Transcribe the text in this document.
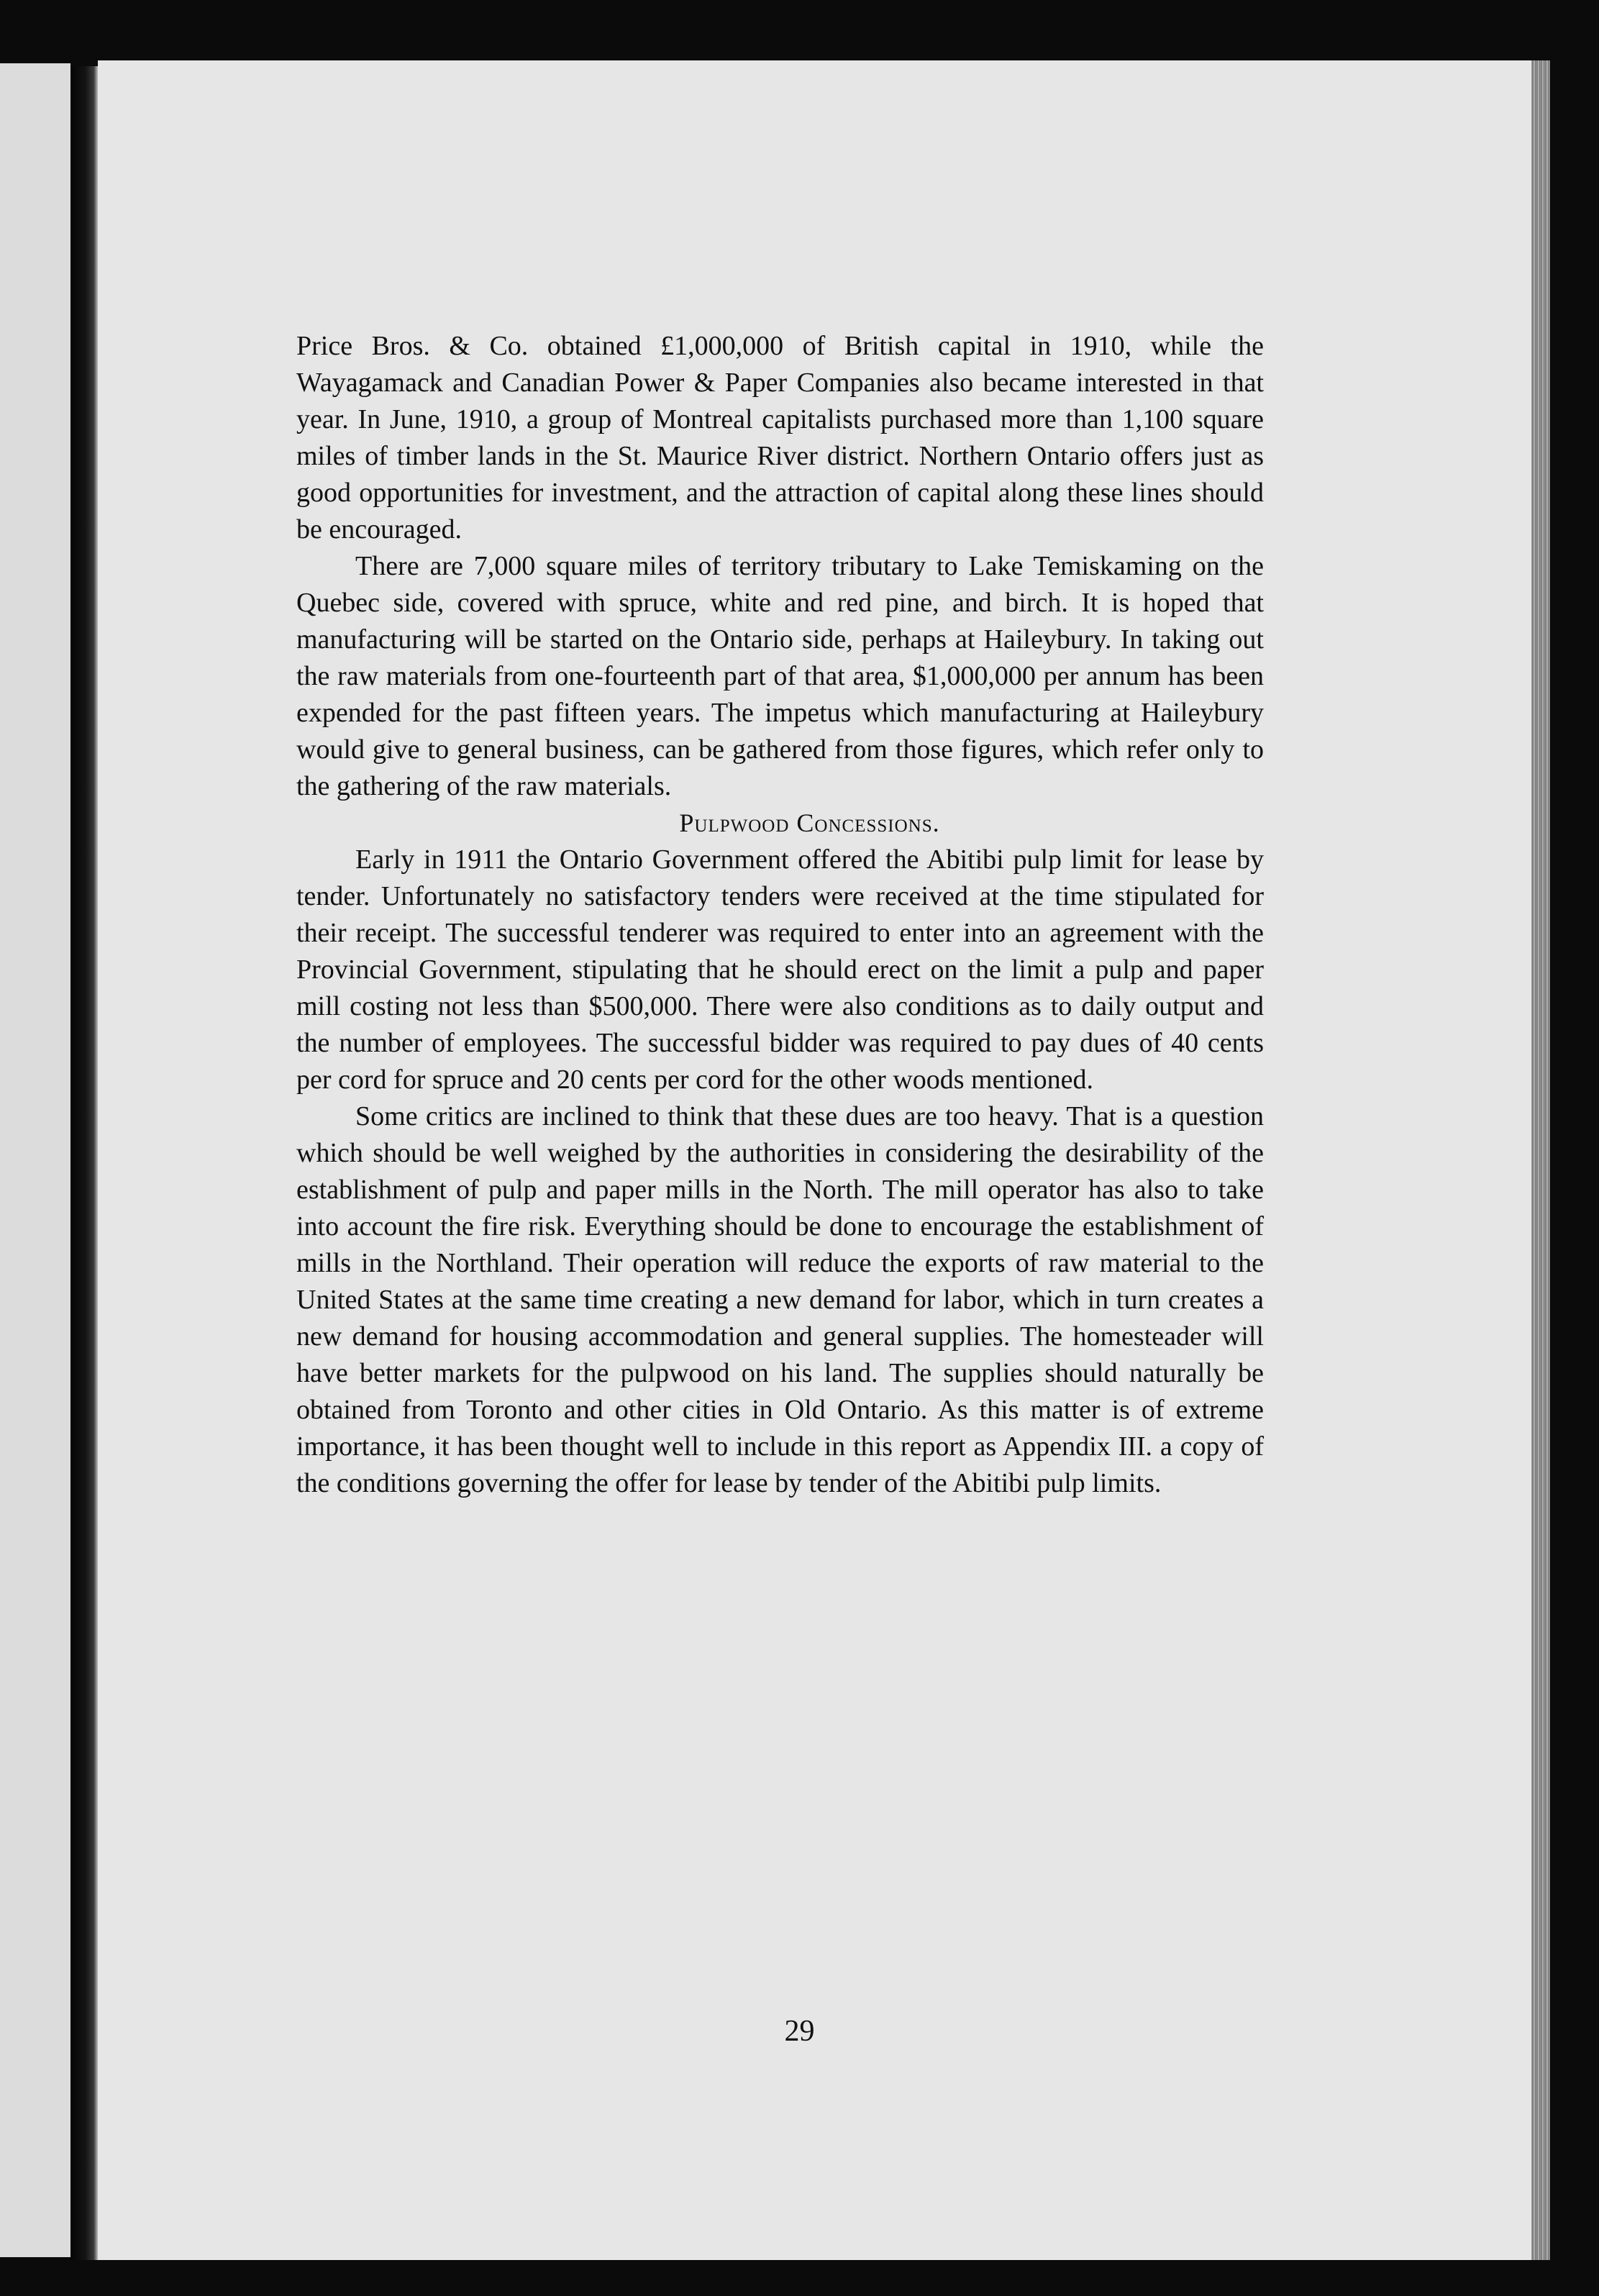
Price Bros. & Co. obtained £1,000,000 of British capital in 1910, while the Wayagamack and Canadian Power & Paper Companies also became interested in that year. In June, 1910, a group of Montreal capitalists purchased more than 1,100 square miles of timber lands in the St. Maurice River district. Northern Ontario offers just as good opportunities for investment, and the attraction of capital along these lines should be encouraged.

There are 7,000 square miles of territory tributary to Lake Temiskaming on the Quebec side, covered with spruce, white and red pine, and birch. It is hoped that manufacturing will be started on the Ontario side, perhaps at Haileybury. In taking out the raw materials from one-fourteenth part of that area, $1,000,000 per annum has been expended for the past fifteen years. The impetus which manufacturing at Haileybury would give to general business, can be gathered from those figures, which refer only to the gathering of the raw materials.

Pulpwood Concessions.

Early in 1911 the Ontario Government offered the Abitibi pulp limit for lease by tender. Unfortunately no satisfactory tenders were received at the time stipulated for their receipt. The successful tenderer was required to enter into an agreement with the Provincial Government, stipulating that he should erect on the limit a pulp and paper mill costing not less than $500,000. There were also conditions as to daily output and the number of employees. The successful bidder was required to pay dues of 40 cents per cord for spruce and 20 cents per cord for the other woods mentioned.

Some critics are inclined to think that these dues are too heavy. That is a question which should be well weighed by the authorities in considering the desirability of the establishment of pulp and paper mills in the North. The mill operator has also to take into account the fire risk. Everything should be done to encourage the establishment of mills in the Northland. Their operation will reduce the exports of raw material to the United States at the same time creating a new demand for labor, which in turn creates a new demand for housing accommodation and general supplies. The homesteader will have better markets for the pulpwood on his land. The supplies should naturally be obtained from Toronto and other cities in Old Ontario. As this matter is of extreme importance, it has been thought well to include in this report as Appendix III. a copy of the conditions governing the offer for lease by tender of the Abitibi pulp limits.

29
